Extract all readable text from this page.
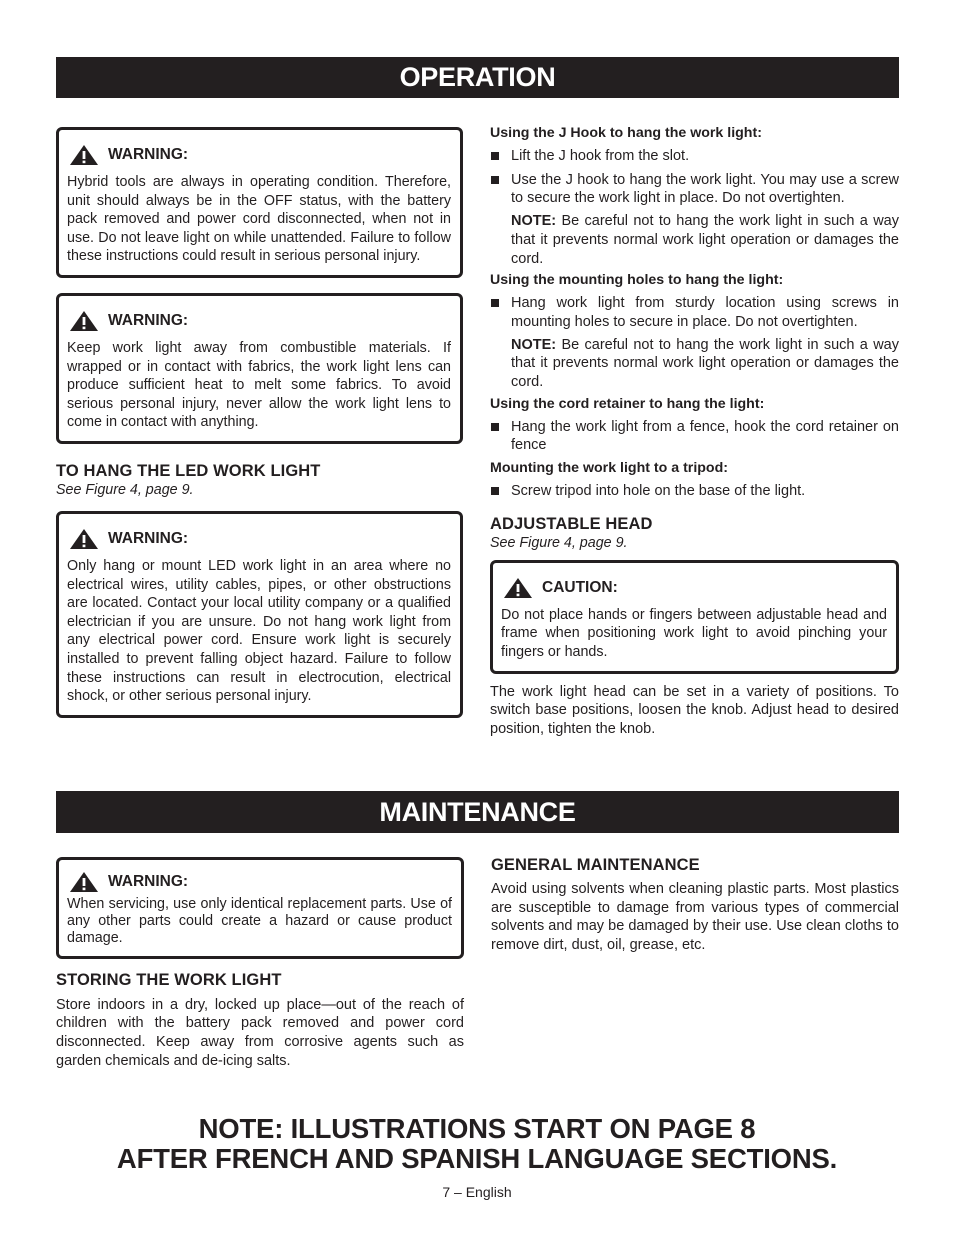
OPERATION
WARNING:

Hybrid tools are always in operating condition. Therefore, unit should always be in the OFF status, with the battery pack removed and power cord disconnected, when not in use. Do not leave light on while unattended. Failure to follow these instructions could result in serious personal injury.

WARNING:

Keep work light away from combustible materials. If wrapped or in contact with fabrics, the work light lens can produce sufficient heat to melt some fabrics. To avoid serious personal injury, never allow the work light lens to come in contact with anything.

TO HANG THE LED WORK LIGHT
See Figure 4, page 9.
WARNING:

Only hang or mount LED work light in an area where no electrical wires, utility cables, pipes, or other obstructions are located. Contact your local utility company or a qualified electrician if you are unsure. Do not hang work light from any electrical power cord. Ensure work light is securely installed to prevent falling object hazard. Failure to follow these instructions can result in electrocution, electrical shock, or other serious personal injury.

Using the J Hook to hang the work light:
Lift the J hook from the slot.
Use the J hook to hang the work light. You may use a screw to secure the work light in place. Do not overtighten.
NOTE: Be careful not to hang the work light in such a way that it prevents normal work light operation or damages the cord.
Using the mounting holes to hang the light:
Hang work light from sturdy location using screws in mounting holes to secure in place. Do not overtighten.
NOTE: Be careful not to hang the work light in such a way that it prevents normal work light operation or damages the cord.
Using the cord retainer to hang the light:
Hang the work light from a fence, hook the cord retainer on fence
Mounting the work light to a tripod:
Screw tripod into hole on the base of the light.
ADJUSTABLE HEAD
See Figure 4, page 9.
CAUTION:

Do not place hands or fingers between adjustable head and frame when positioning work light to avoid pinching your fingers or hands.

The work light head can be set in a variety of positions. To switch base positions, loosen the knob. Adjust head to desired position, tighten the knob.
MAINTENANCE
WARNING:

When servicing, use only identical replacement parts. Use of any other parts could create a hazard or cause product damage.

STORING THE WORK LIGHT
Store indoors in a dry, locked up place—out of the reach of children with the battery pack removed and power cord disconnected. Keep away from corrosive agents such as garden chemicals and de-icing salts.
GENERAL MAINTENANCE
Avoid using solvents when cleaning plastic parts. Most plastics are susceptible to damage from various types of commercial solvents and may be damaged by their use. Use clean cloths to remove dirt, dust, oil, grease, etc.
NOTE: ILLUSTRATIONS START ON PAGE 8
AFTER FRENCH AND SPANISH LANGUAGE SECTIONS.
7 – English
